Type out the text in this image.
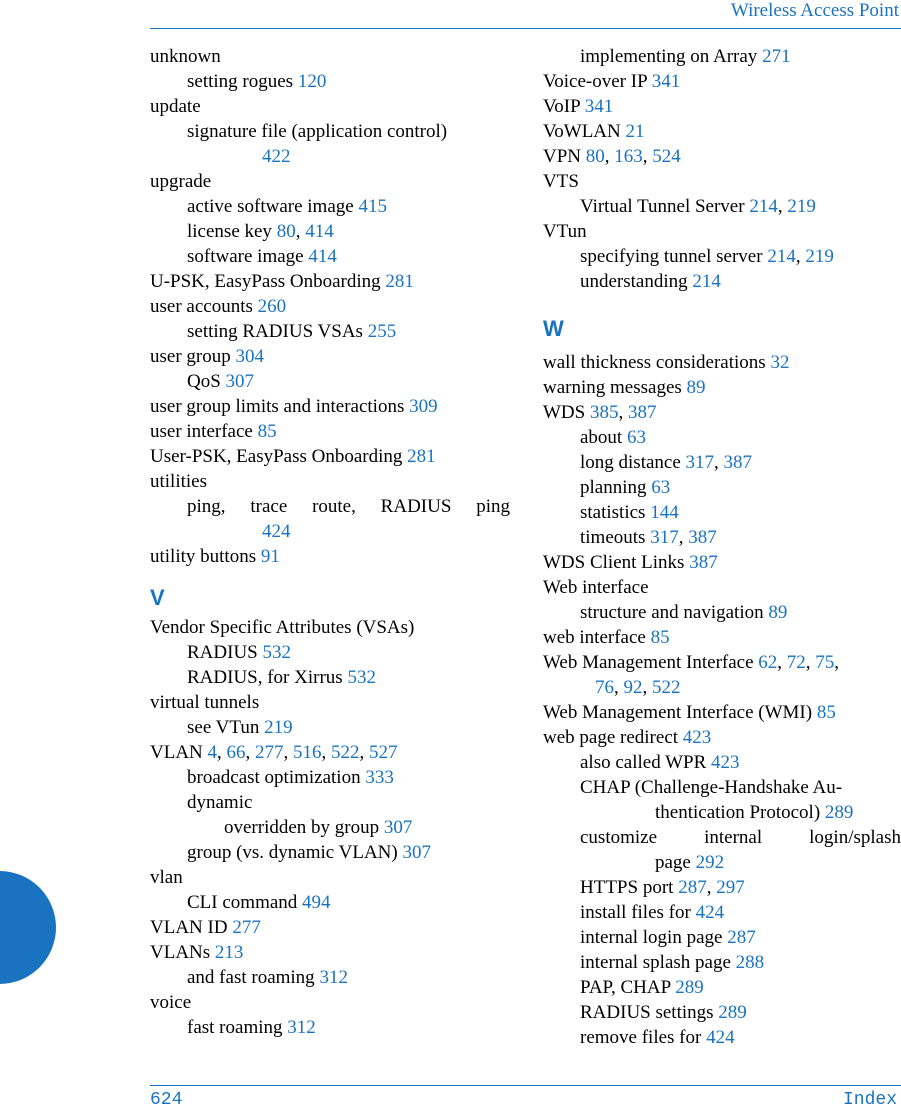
Wireless Access Point
unknown
setting rogues 120
update
signature file (application control)
422
upgrade
active software image 415
license key 80, 414
software image 414
U-PSK, EasyPass Onboarding 281
user accounts 260
setting RADIUS VSAs 255
user group 304
QoS 307
user group limits and interactions 309
user interface 85
User-PSK, EasyPass Onboarding 281
utilities
ping, trace route, RADIUS ping
424
utility buttons 91
V
Vendor Specific Attributes (VSAs)
RADIUS 532
RADIUS, for Xirrus 532
virtual tunnels
see VTun 219
VLAN 4, 66, 277, 516, 522, 527
broadcast optimization 333
dynamic
overridden by group 307
group (vs. dynamic VLAN) 307
vlan
CLI command 494
VLAN ID 277
VLANs 213
and fast roaming 312
voice
fast roaming 312
implementing on Array 271
Voice-over IP 341
VoIP 341
VoWLAN 21
VPN 80, 163, 524
VTS
Virtual Tunnel Server 214, 219
VTun
specifying tunnel server 214, 219
understanding 214
W
wall thickness considerations 32
warning messages 89
WDS 385, 387
about 63
long distance 317, 387
planning 63
statistics 144
timeouts 317, 387
WDS Client Links 387
Web interface
structure and navigation 89
web interface 85
Web Management Interface 62, 72, 75,
76, 92, 522
Web Management Interface (WMI) 85
web page redirect 423
also called WPR 423
CHAP (Challenge-Handshake Au-
thentication Protocol) 289
customize internal login/splash
page 292
HTTPS port 287, 297
install files for 424
internal login page 287
internal splash page 288
PAP, CHAP 289
RADIUS settings 289
remove files for 424
624	Index
